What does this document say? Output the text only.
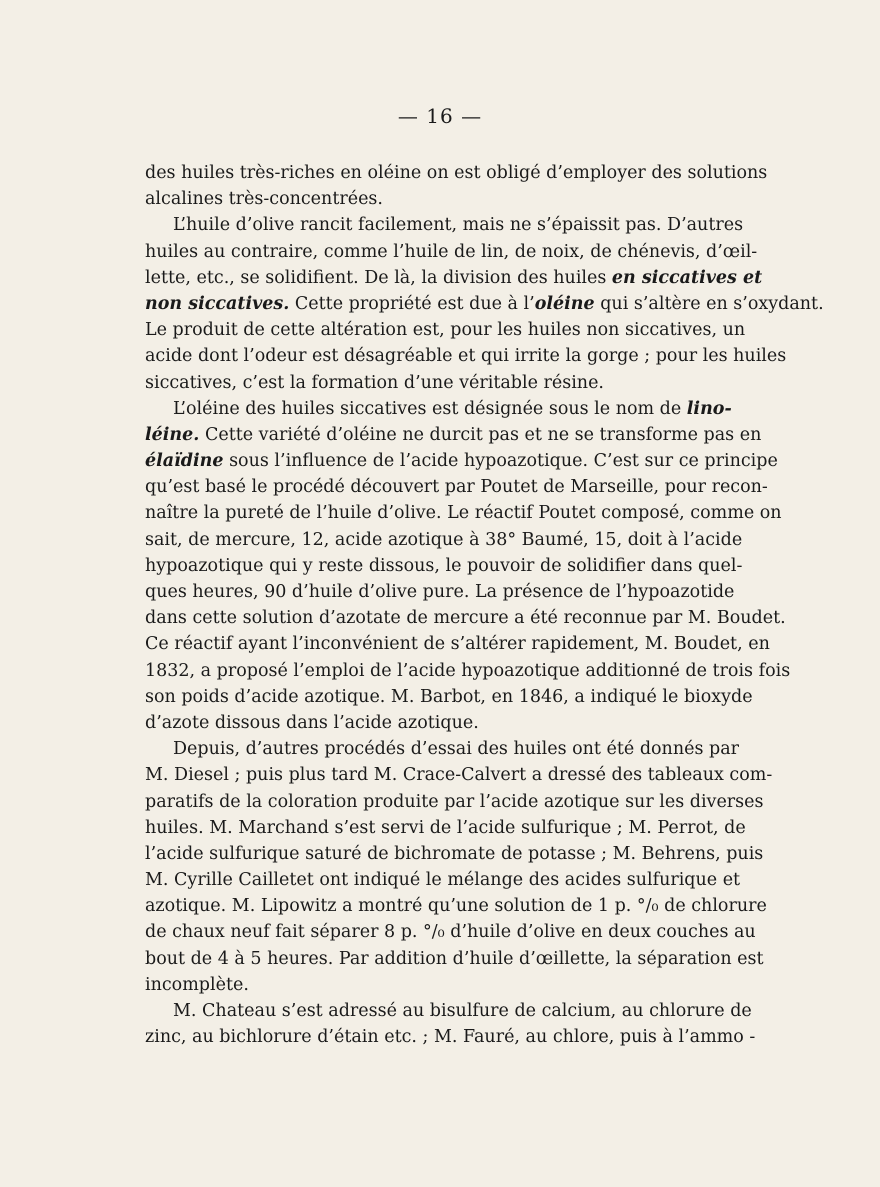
— 16 —
des huiles très-riches en oléine on est obligé d’employer des solutions
alcalines très-concentrées.
L’huile d’olive rancit facilement, mais ne s’épaissit pas. D’autres
huiles au contraire, comme l’huile de lin, de noix, de chénevis, d’œil-
lette, etc., se solidifient. De là, la division des huiles en siccatives et
non siccatives. Cette propriété est due à l’oléine qui s’altère en s’oxydant.
Le produit de cette altération est, pour les huiles non siccatives, un
acide dont l’odeur est désagréable et qui irrite la gorge ; pour les huiles
siccatives, c’est la formation d’une véritable résine.
L’oléine des huiles siccatives est désignée sous le nom de lino-
léine. Cette variété d’oléine ne durcit pas et ne se transforme pas en
élaïdine sous l’influence de l’acide hypoazotique. C’est sur ce principe
qu’est basé le procédé découvert par Poutet de Marseille, pour recon-
naître la pureté de l’huile d’olive. Le réactif Poutet composé, comme on
sait, de mercure, 12, acide azotique à 38° Baumé, 15, doit à l’acide
hypoazotique qui y reste dissous, le pouvoir de solidifier dans quel-
ques heures, 90 d’huile d’olive pure. La présence de l’hypoazotide
dans cette solution d’azotate de mercure a été reconnue par M. Boudet.
Ce réactif ayant l’inconvénient de s’altérer rapidement, M. Boudet, en
1832, a proposé l’emploi de l’acide hypoazotique additionné de trois fois
son poids d’acide azotique. M. Barbot, en 1846, a indiqué le bioxyde
d’azote dissous dans l’acide azotique.
Depuis, d’autres procédés d’essai des huiles ont été donnés par
M. Diesel ; puis plus tard M. Crace-Calvert a dressé des tableaux com-
paratifs de la coloration produite par l’acide azotique sur les diverses
huiles. M. Marchand s’est servi de l’acide sulfurique ; M. Perrot, de
l’acide sulfurique saturé de bichromate de potasse ; M. Behrens, puis
M. Cyrille Cailletet ont indiqué le mélange des acides sulfurique et
azotique. M. Lipowitz a montré qu’une solution de 1 p. °/₀ de chlorure
de chaux neuf fait séparer 8 p. °/₀ d’huile d’olive en deux couches au
bout de 4 à 5 heures. Par addition d’huile d’œillette, la séparation est
incomplète.
M. Chateau s’est adressé au bisulfure de calcium, au chlorure de
zinc, au bichlorure d’étain etc. ; M. Fauré, au chlore, puis à l’ammo -
